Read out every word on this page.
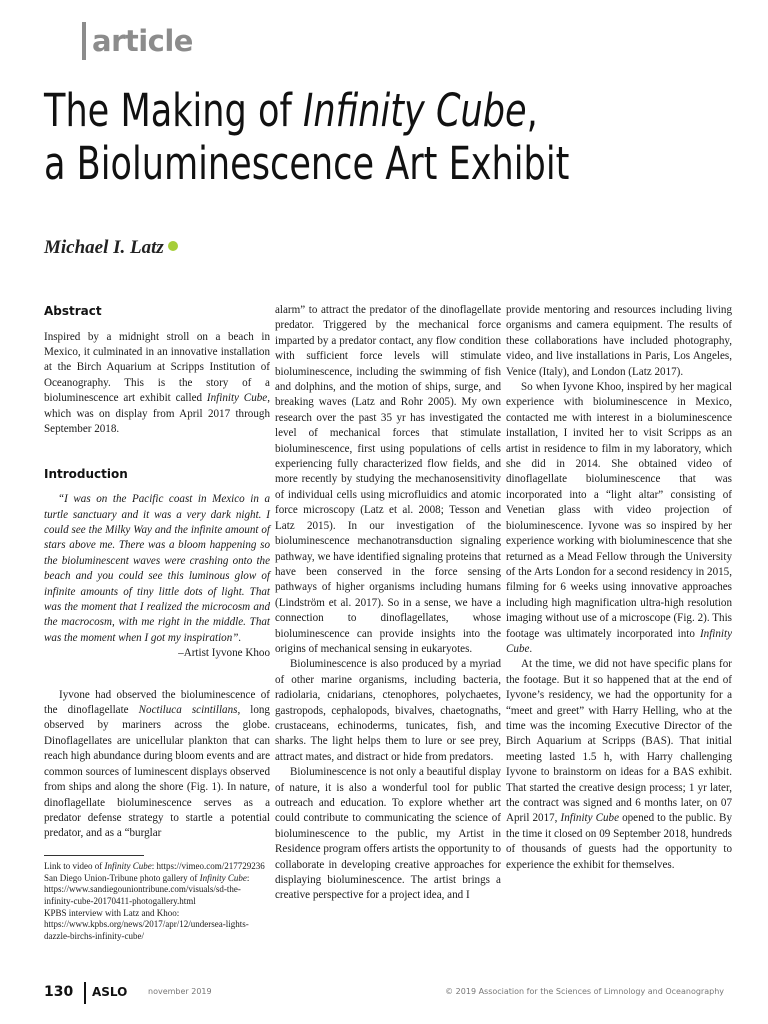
article
The Making of Infinity Cube,
a Bioluminescence Art Exhibit

Michael I. Latz

Abstract

Inspired by a midnight stroll on a beach in Mexico, it culminated in an innovative installation at the Birch Aquarium at Scripps Institution of Oceanography. This is the story of a bioluminescence art exhibit called Infinity Cube, which was on display from April 2017 through September 2018.

Introduction

“I was on the Pacific coast in Mexico in a turtle sanctuary and it was a very dark night. I could see the Milky Way and the infinite amount of stars above me. There was a bloom happening so the bioluminescent waves were crashing onto the beach and you could see this luminous glow of infinite amounts of tiny little dots of light. That was the moment that I realized the microcosm and the macrocosm, with me right in the middle. That was the moment when I got my inspiration”.

–Artist Iyvone Khoo

Iyvone had observed the bioluminescence of the dinoflagellate Noctiluca scintillans, long observed by mariners across the globe. Dinoflagellates are unicellular plankton that can reach high abundance during bloom events and are common sources of luminescent displays observed from ships and along the shore (Fig. 1). In nature, dinoflagellate bioluminescence serves as a predator defense strategy to startle a potential predator, and as a “burglar

Link to video of Infinity Cube: https://vimeo.com/217729236

San Diego Union-Tribune photo gallery of Infinity Cube: https://www.sandiegouniontribune.com/visuals/sd-the-infinity-cube-20170411-photogallery.html

KPBS interview with Latz and Khoo: https://www.kpbs.org/news/2017/apr/12/undersea-lights-dazzle-birchs-infinity-cube/

alarm” to attract the predator of the dinoflagellate predator. Triggered by the mechanical force imparted by a predator contact, any flow condition with sufficient force levels will stimulate bioluminescence, including the swimming of fish and dolphins, and the motion of ships, surge, and breaking waves (Latz and Rohr 2005). My own research over the past 35 yr has investigated the level of mechanical forces that stimulate bioluminescence, first using populations of cells experiencing fully characterized flow fields, and more recently by studying the mechanosensitivity of individual cells using microfluidics and atomic force microscopy (Latz et al. 2008; Tesson and Latz 2015). In our investigation of the bioluminescence mechanotransduction signaling pathway, we have identified signaling proteins that have been conserved in the force sensing pathways of higher organisms including humans (Lindström et al. 2017). So in a sense, we have a connection to dinoflagellates, whose bioluminescence can provide insights into the origins of mechanical sensing in eukaryotes.

Bioluminescence is also produced by a myriad of other marine organisms, including bacteria, radiolaria, cnidarians, ctenophores, polychaetes, gastropods, cephalopods, bivalves, chaetognaths, crustaceans, echinoderms, tunicates, fish, and sharks. The light helps them to lure or see prey, attract mates, and distract or hide from predators.

Bioluminescence is not only a beautiful display of nature, it is also a wonderful tool for public outreach and education. To explore whether art could contribute to communicating the science of bioluminescence to the public, my Artist in Residence program offers artists the opportunity to collaborate in developing creative approaches for displaying bioluminescence. The artist brings a creative perspective for a project idea, and I

provide mentoring and resources including living organisms and camera equipment. The results of these collaborations have included photography, video, and live installations in Paris, Los Angeles, Venice (Italy), and London (Latz 2017).

So when Iyvone Khoo, inspired by her magical experience with bioluminescence in Mexico, contacted me with interest in a bioluminescence installation, I invited her to visit Scripps as an artist in residence to film in my laboratory, which she did in 2014. She obtained video of dinoflagellate bioluminescence that was incorporated into a “light altar” consisting of Venetian glass with video projection of bioluminescence. Iyvone was so inspired by her experience working with bioluminescence that she returned as a Mead Fellow through the University of the Arts London for a second residency in 2015, filming for 6 weeks using innovative approaches including high magnification ultra-high resolution imaging without use of a microscope (Fig. 2). This footage was ultimately incorporated into Infinity Cube.

At the time, we did not have specific plans for the footage. But it so happened that at the end of Iyvone’s residency, we had the opportunity for a “meet and greet” with Harry Helling, who at the time was the incoming Executive Director of the Birch Aquarium at Scripps (BAS). That initial meeting lasted 1.5 h, with Harry challenging Iyvone to brainstorm on ideas for a BAS exhibit. That started the creative design process; 1 yr later, the contract was signed and 6 months later, on 07 April 2017, Infinity Cube opened to the public. By the time it closed on 09 September 2018, hundreds of thousands of guests had the opportunity to experience the exhibit for themselves.

130 ASLO	november 2019	© 2019 Association for the Sciences of Limnology and Oceanography
